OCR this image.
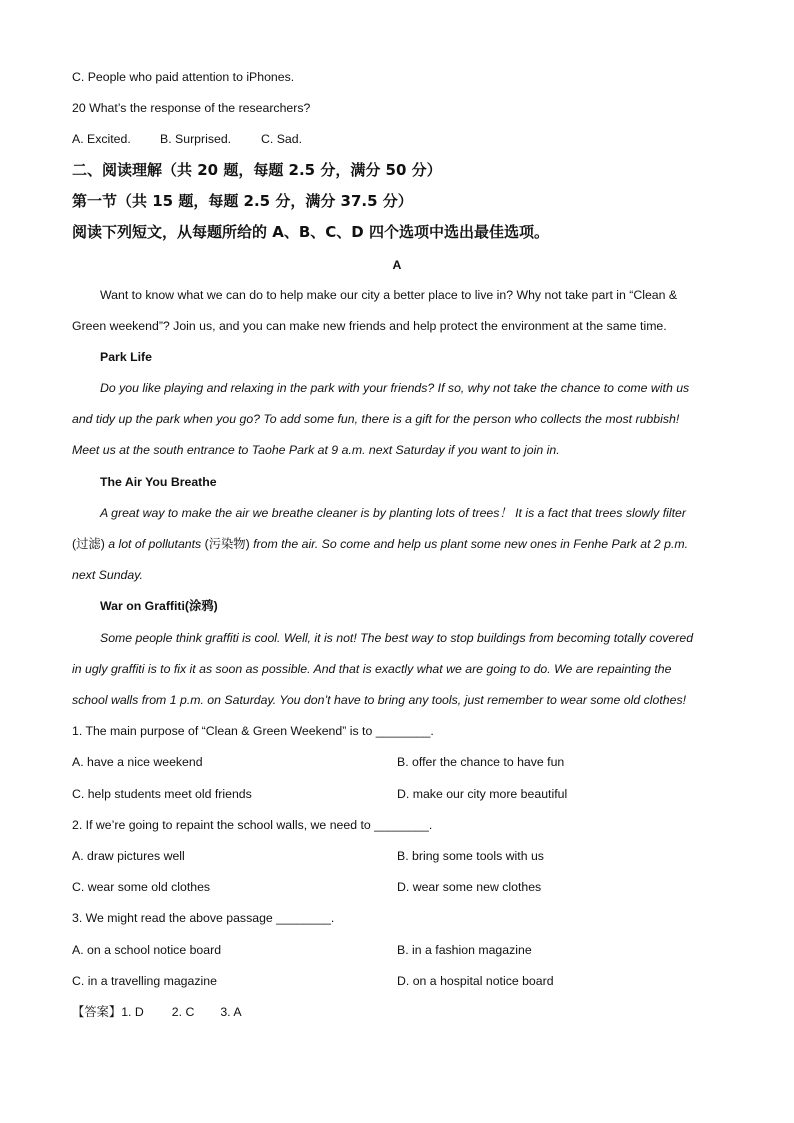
C. People who paid attention to iPhones.
20 What’s the response of the researchers?
A. Excited. B. Surprised. C. Sad.
二、阅读理解（共 20 题，每题 2.5 分，满分 50 分）
第一节（共 15 题，每题 2.5 分，满分 37.5 分）
阅读下列短文，从每题所给的 A、B、C、D 四个选项中选出最佳选项。
A
Want to know what we can do to help make our city a better place to live in? Why not take part in “Clean &
Green weekend”? Join us, and you can make new friends and help protect the environment at the same time.
Park Life
Do you like playing and relaxing in the park with your friends? If so, why not take the chance to come with us
and tidy up the park when you go? To add some fun, there is a gift for the person who collects the most rubbish!
Meet us at the south entrance to Taohe Park at 9 a.m. next Saturday if you want to join in.
The Air You Breathe
A great way to make the air we breathe cleaner is by planting lots of trees！ It is a fact that trees slowly filter
(过滤) a lot of pollutants (污染物) from the air. So come and help us plant some new ones in Fenhe Park at 2 p.m.
next Sunday.
War on Graffiti(涂鸦)
Some people think graffiti is cool. Well, it is not! The best way to stop buildings from becoming totally covered
in ugly graffiti is to fix it as soon as possible. And that is exactly what we are going to do. We are repainting the
school walls from 1 p.m. on Saturday. You don’t have to bring any tools, just remember to wear some old clothes!
1. The main purpose of “Clean & Green Weekend” is to ________.
A. have a nice weekend	B. offer the chance to have fun
C. help students meet old friends	D. make our city more beautiful
2. If we’re going to repaint the school walls, we need to ________.
A. draw pictures well	B. bring some tools with us
C. wear some old clothes	D. wear some new clothes
3. We might read the above passage ________.
A. on a school notice board	B. in a fashion magazine
C. in a travelling magazine	D. on a hospital notice board
【答案】1. D 2. C 3. A
